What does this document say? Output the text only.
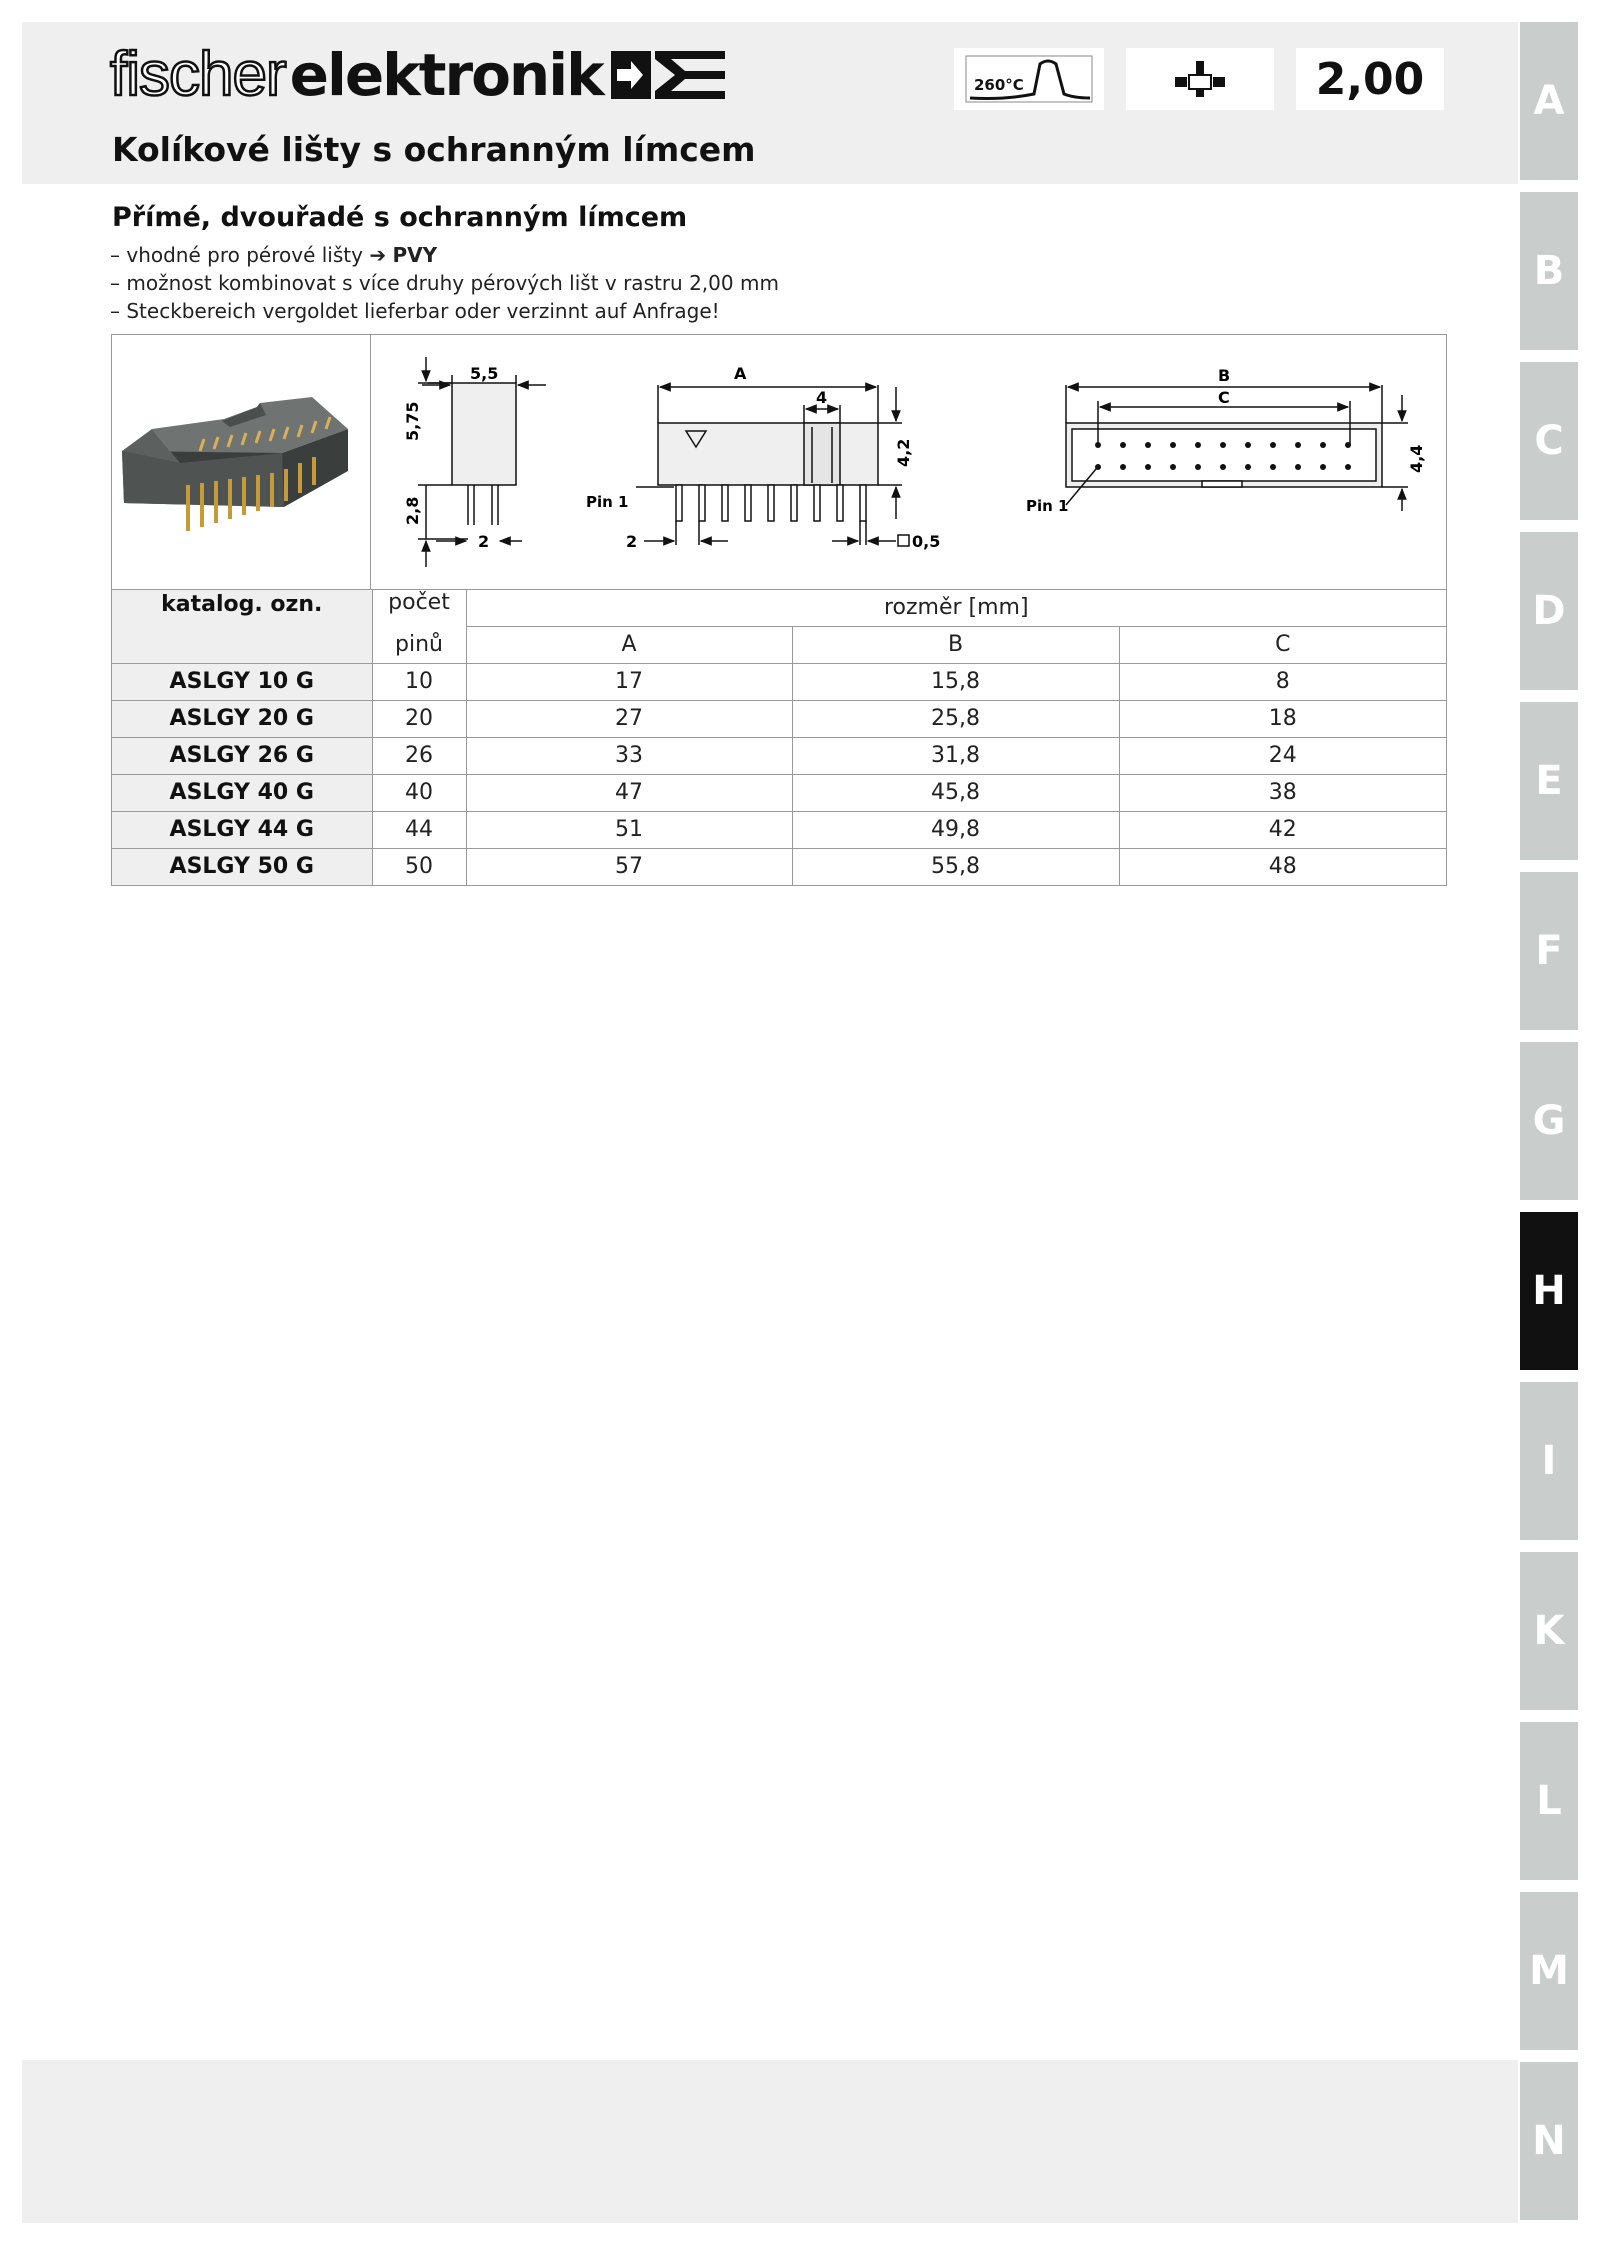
fischer elektronik	260°C	2,00
Kolíkové lišty s ochranným límcem
Přímé, dvouřadé s ochranným límcem
– vhodné pro pérové lišty ➔ PVY
– možnost kombinovat s více druhy pérových lišt v rastru 2,00 mm
– Steckbereich vergoldet lieferbar oder verzinnt auf Anfrage!
5,5
5,75
2,8
2
A
4
4,2
Pin 1
2	0,5
B
C
4,4
Pin 1
katalog. ozn.	počet	rozměr [mm]		
	pinů	A	B	C
ASLGY 10 G	10	17	15,8	8
ASLGY 20 G	20	27	25,8	18
ASLGY 26 G	26	33	31,8	24
ASLGY 40 G	40	47	45,8	38
ASLGY 44 G	44	51	49,8	42
ASLGY 50 G	50	57	55,8	48
A
B
C
D
E
F
G
H
I
K
L
M
N
